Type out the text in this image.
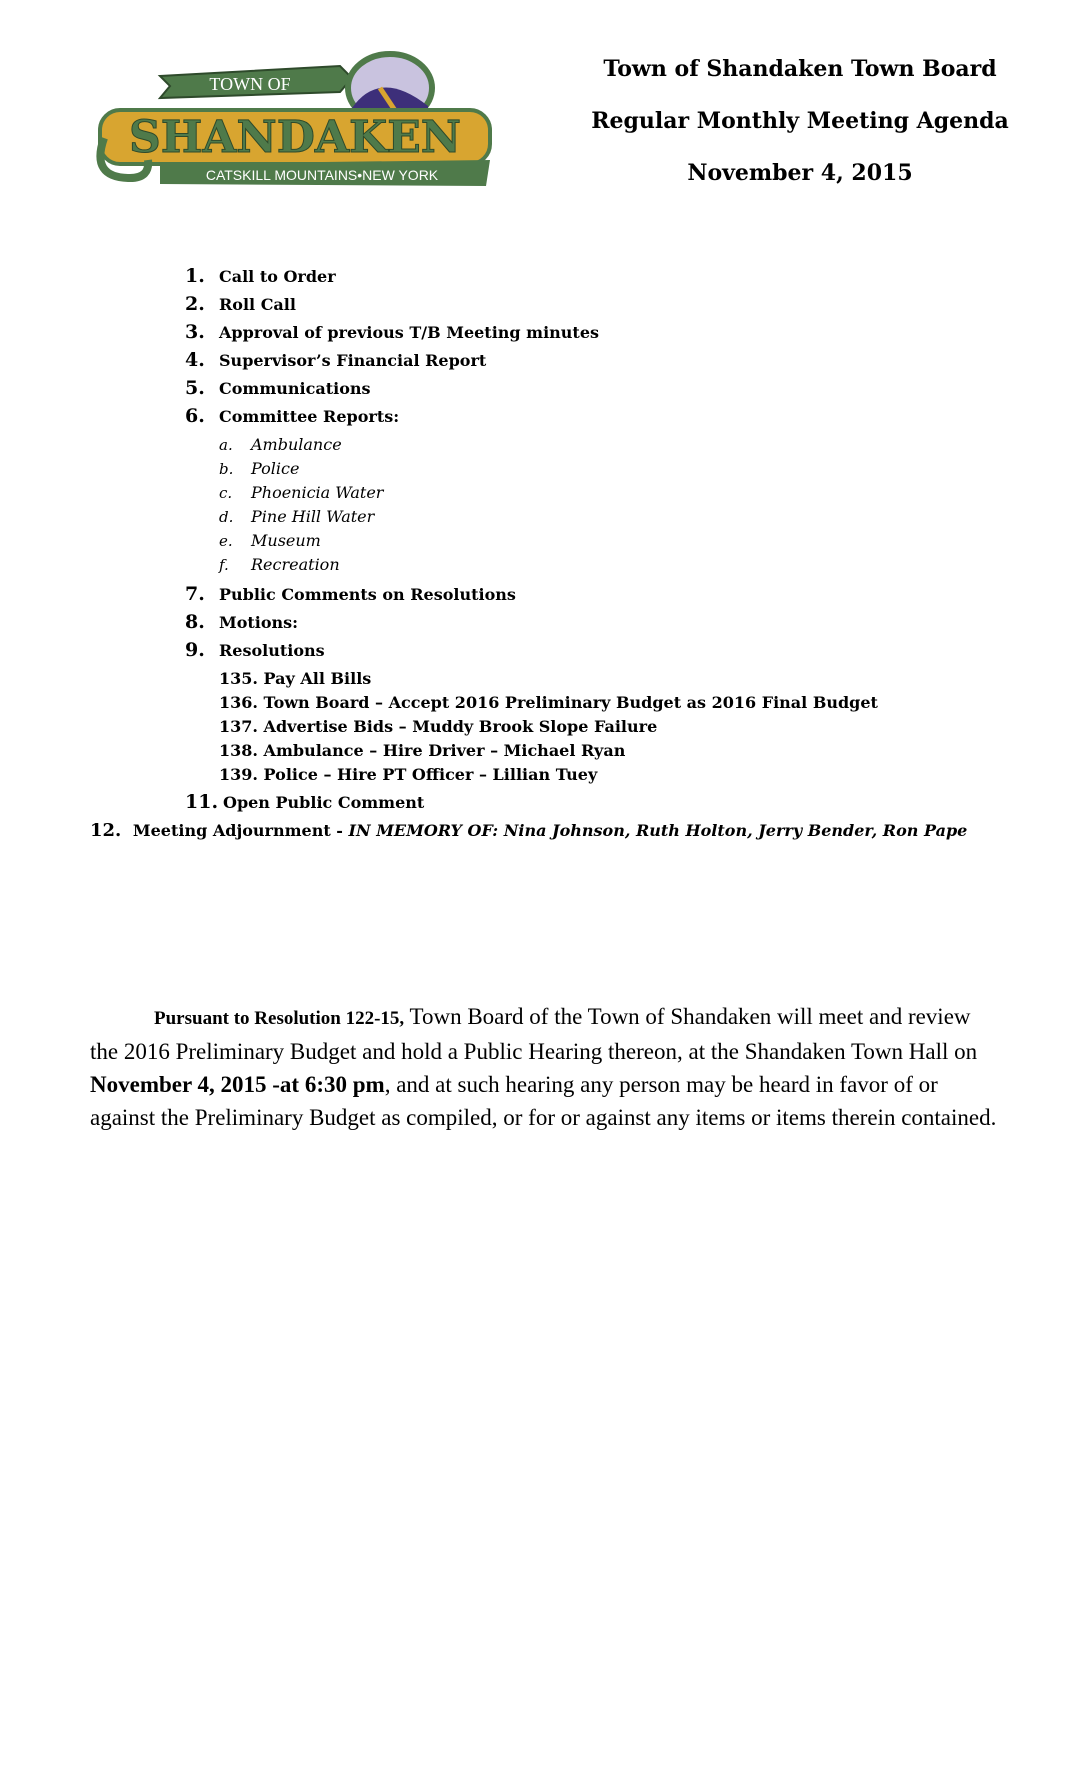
TOWN OF	Est. 1804
SHANDAKEN
CATSKILL MOUNTAINS•NEW YORK
Town of Shandaken Town Board
Regular Monthly Meeting Agenda
November 4, 2015
1. Call to Order
2. Roll Call
3. Approval of previous T/B Meeting minutes
4. Supervisor’s Financial Report
5. Communications
6. Committee Reports:
a.	Ambulance
b.	Police
c.	Phoenicia Water
d.	Pine Hill Water
e.	Museum
f.	Recreation
7. Public Comments on Resolutions
8. Motions:
9. Resolutions
135. Pay All Bills
136. Town Board – Accept 2016 Preliminary Budget as 2016 Final Budget
137. Advertise Bids – Muddy Brook Slope Failure
138. Ambulance – Hire Driver – Michael Ryan
139. Police – Hire PT Officer – Lillian Tuey
11. Open Public Comment
12. Meeting Adjournment - IN MEMORY OF: Nina Johnson, Ruth Holton, Jerry Bender, Ron Pape
Pursuant to Resolution 122-15, Town Board of the Town of Shandaken will meet and review the 2016 Preliminary Budget and hold a Public Hearing thereon, at the Shandaken Town Hall on November 4, 2015 -at 6:30 pm, and at such hearing any person may be heard in favor of or against the Preliminary Budget as compiled, or for or against any items or items therein contained.
